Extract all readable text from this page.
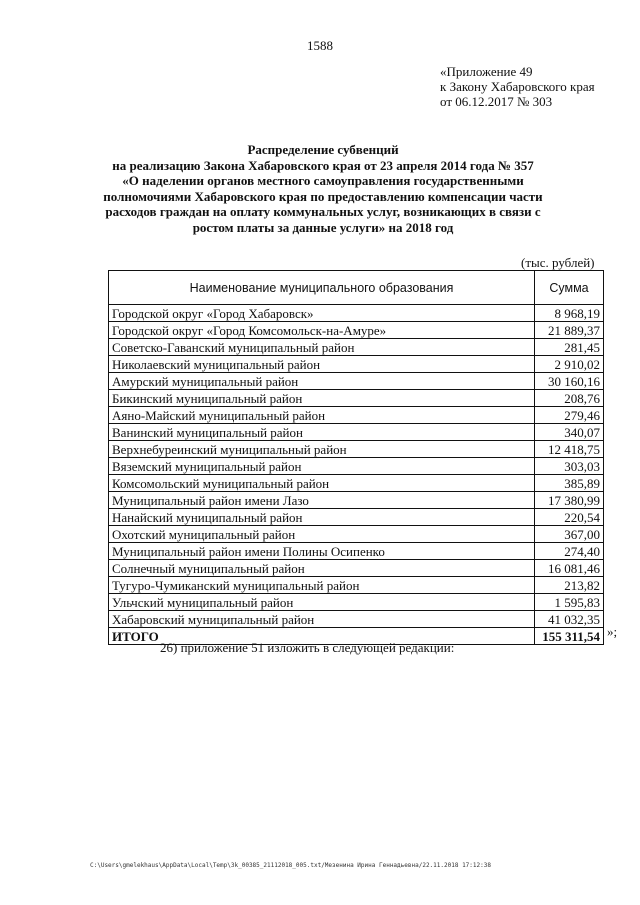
1588
«Приложение 49
к Закону Хабаровского края
от 06.12.2017 № 303
Распределение субвенций
на реализацию Закона Хабаровского края от 23 апреля 2014 года № 357
«О наделении органов местного самоуправления государственными
полномочиями Хабаровского края по предоставлению компенсации части
расходов граждан на оплату коммунальных услуг, возникающих в связи с
ростом платы за данные услуги» на 2018 год
(тыс. рублей)
Наименование муниципального образования	Сумма
Городской округ «Город Хабаровск»	8 968,19
Городской округ «Город Комсомольск-на-Амуре»	21 889,37
Советско-Гаванский муниципальный район	281,45
Николаевский муниципальный район	2 910,02
Амурский муниципальный район	30 160,16
Бикинский муниципальный район	208,76
Аяно-Майский муниципальный район	279,46
Ванинский муниципальный район	340,07
Верхнебуреинский муниципальный район	12 418,75
Вяземский муниципальный район	303,03
Комсомольский муниципальный район	385,89
Муниципальный район имени Лазо	17 380,99
Нанайский муниципальный район	220,54
Охотский муниципальный район	367,00
Муниципальный район имени Полины Осипенко	274,40
Солнечный муниципальный район	16 081,46
Тугуро-Чумиканский муниципальный район	213,82
Ульчский муниципальный район	1 595,83
Хабаровский муниципальный район	41 032,35
ИТОГО	155 311,54 »;
26) приложение 51 изложить в следующей редакции:
C:\Users\gmelekhaus\AppData\Local\Temp\3k_00385_21112018_005.txt/Мезенина Ирина Геннадьевна/22.11.2018 17:12:38
